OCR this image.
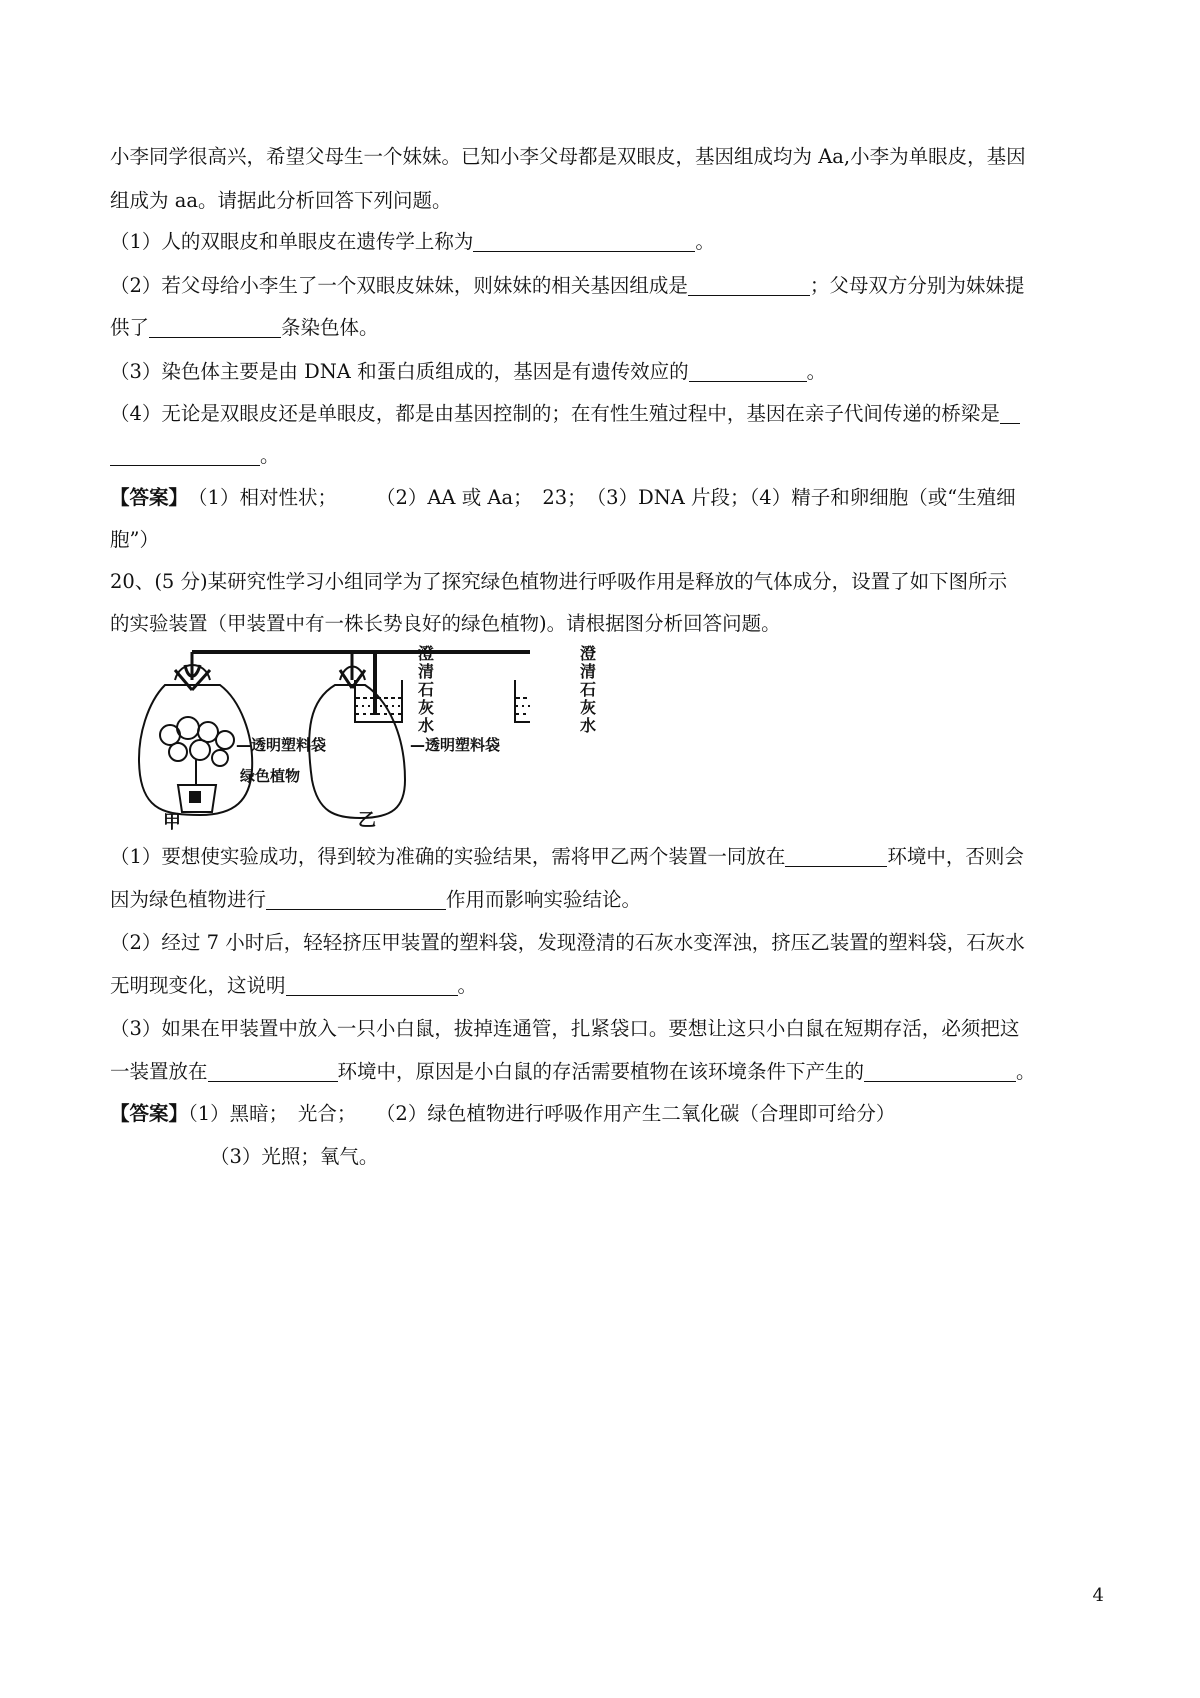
小李同学很高兴，希望父母生一个妹妹。已知小李父母都是双眼皮，基因组成均为 Aa,小李为单眼皮，基因
组成为 aa。请据此分析回答下列问题。
（1）人的双眼皮和单眼皮在遗传学上称为	。
（2）若父母给小李生了一个双眼皮妹妹，则妹妹的相关基因组成是	；父母双方分别为妹妹提
供了	条染色体。
（3）染色体主要是由 DNA 和蛋白质组成的，基因是有遗传效应的	。
（4）无论是双眼皮还是单眼皮，都是由基因控制的；在有性生殖过程中，基因在亲子代间传递的桥梁是
。
【答案】　 （1）相对性状；　　　（2）AA 或 Aa；　23；　（3）DNA 片段；（4）精子和卵细胞（或“生殖细
胞”）
20、(5 分)某研究性学习小组同学为了探究绿色植物进行呼吸作用是释放的气体成分，设置了如下图所示
的实验装置（甲装置中有一株长势良好的绿色植物)。请根据图分析回答问题。
澄清石灰水
澄清石灰水
—透明塑料袋	—透明塑料袋
绿色植物
甲	乙
（1）要想使实验成功，得到较为准确的实验结果，需将甲乙两个装置一同放在	环境中，否则会
因为绿色植物进行	作用而影响实验结论。
（2）经过 7 小时后，轻轻挤压甲装置的塑料袋，发现澄清的石灰水变浑浊，挤压乙装置的塑料袋，石灰水
无明现变化，这说明	。
（3）如果在甲装置中放入一只小白鼠，拔掉连通管，扎紧袋口。要想让这只小白鼠在短期存活，必须把这
一装置放在	环境中，原因是小白鼠的存活需要植物在该环境条件下产生的	。
【答案】（1）黑暗；　光合；　　（2）绿色植物进行呼吸作用产生二氧化碳（合理即可给分）
（3）光照；氧气。
4
